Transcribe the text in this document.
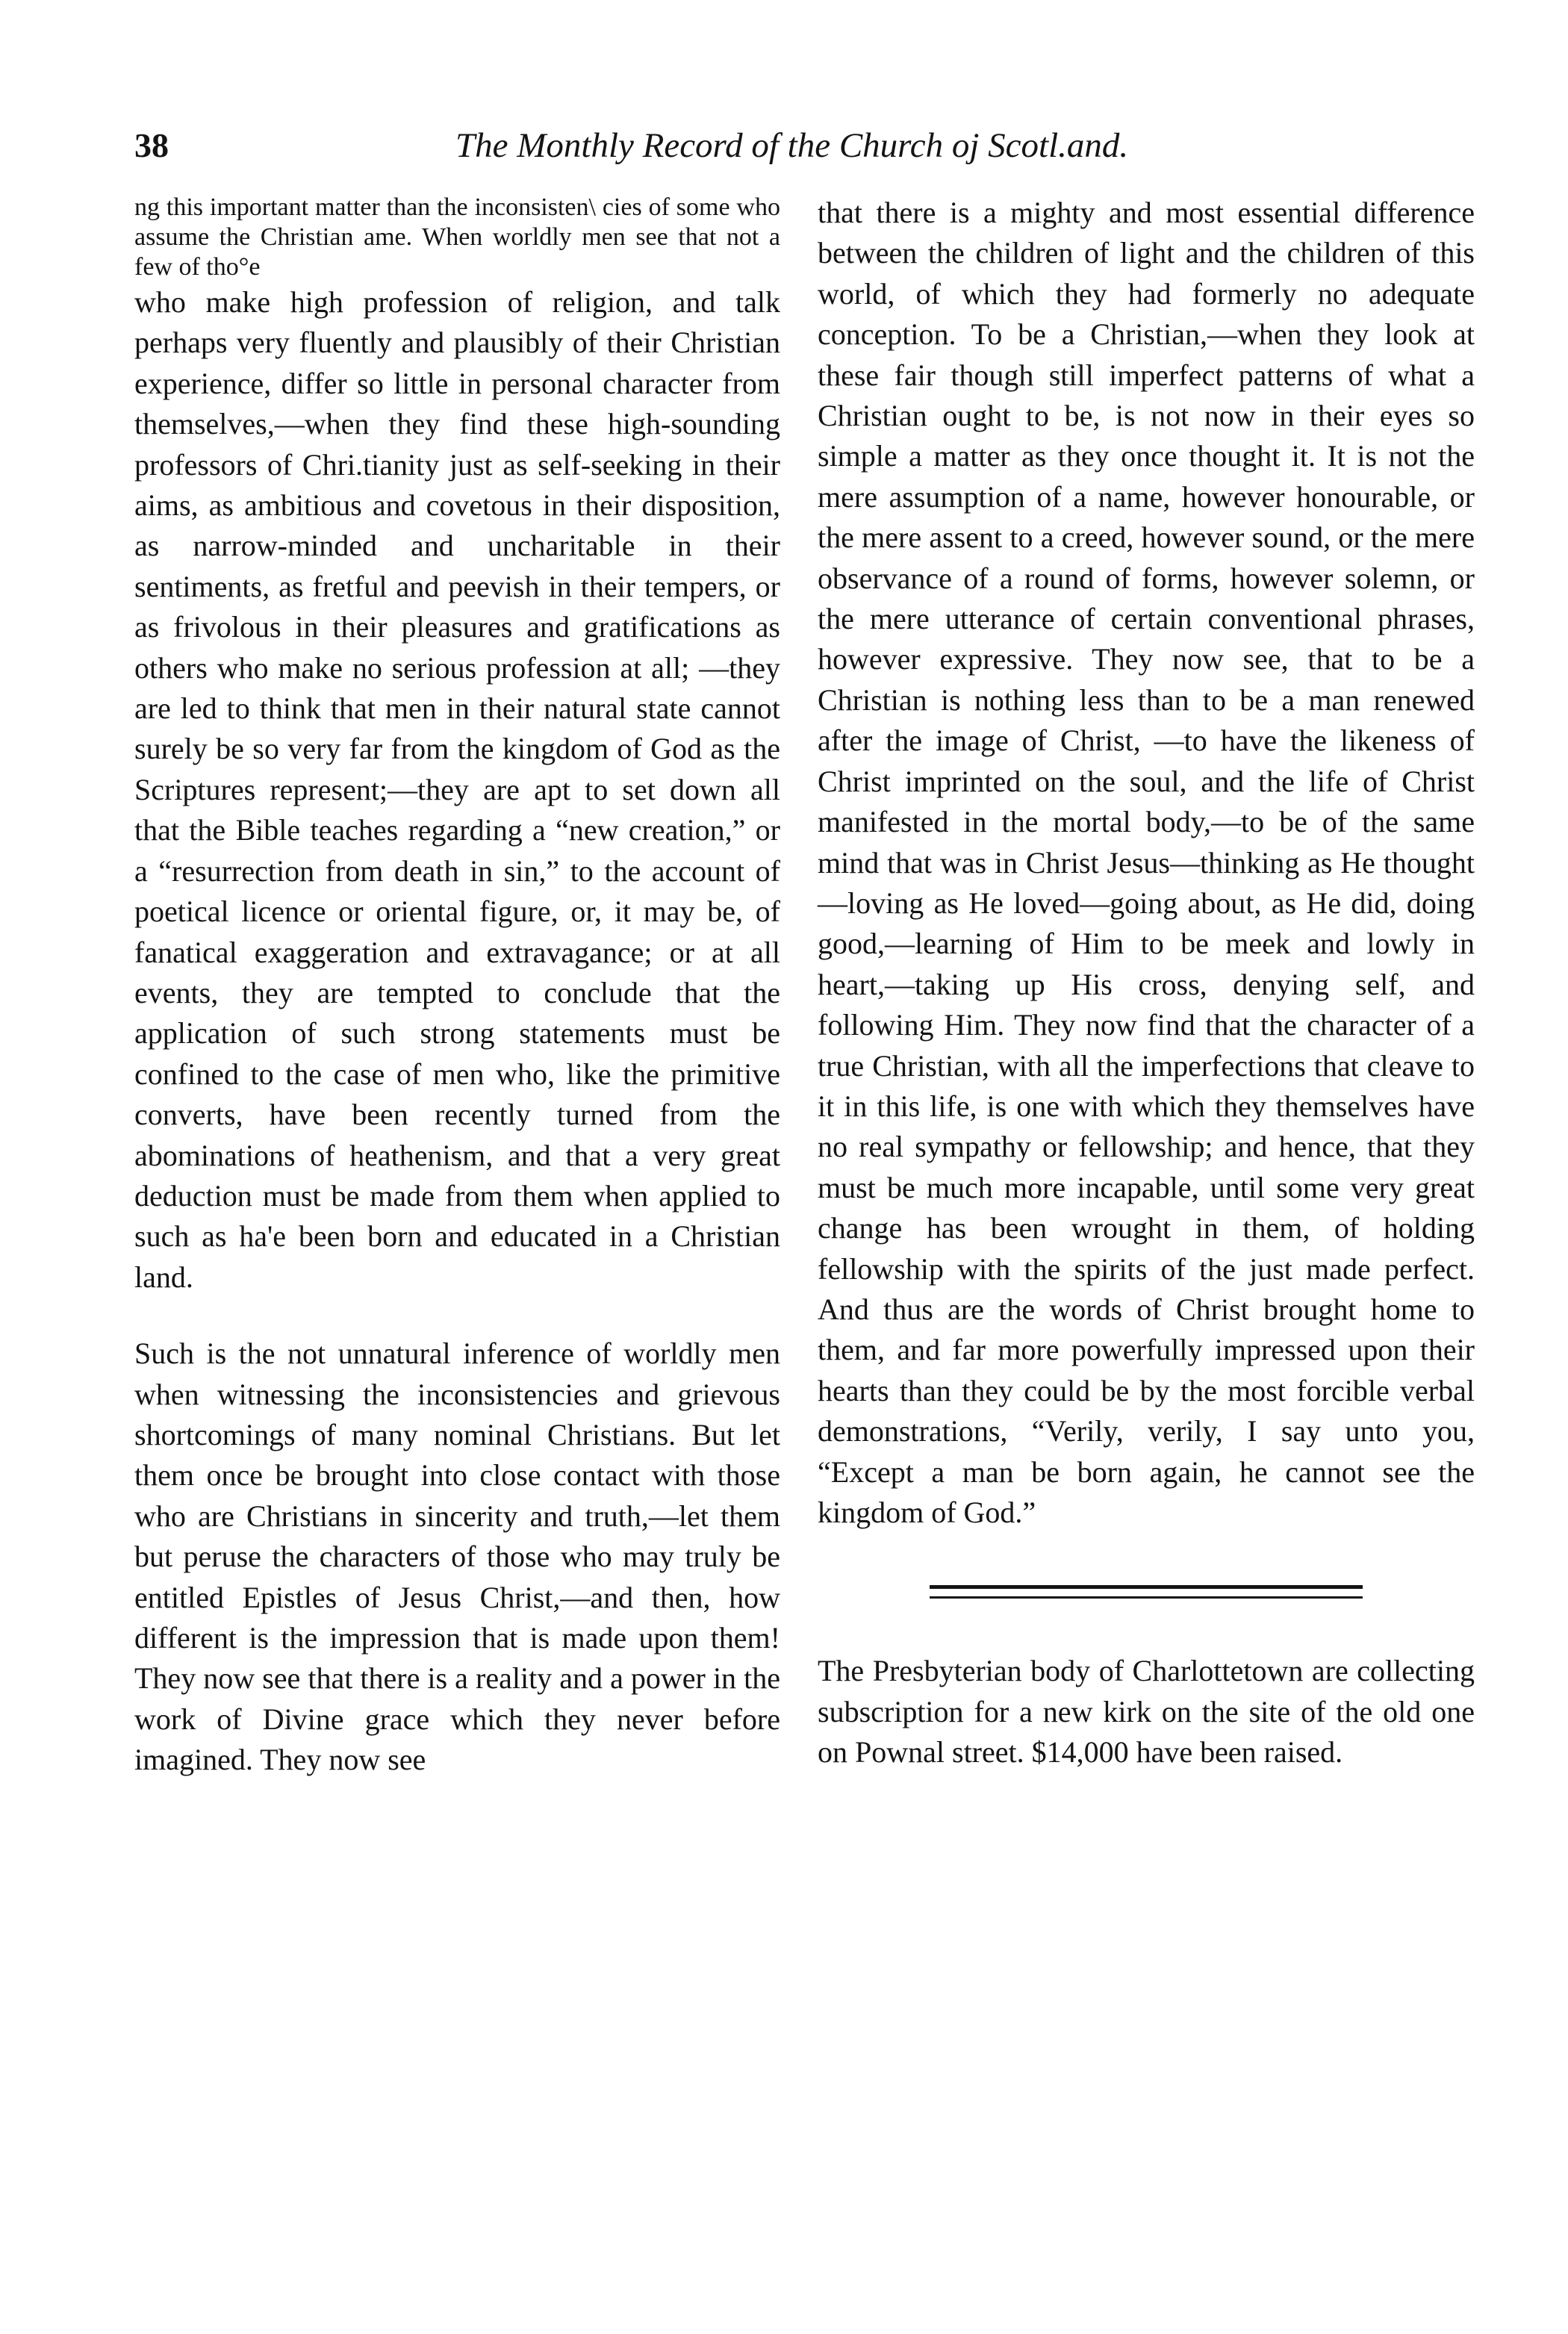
38	The Monthly Record of the Church oj Scotl.and.

ng this important matter than the inconsisten\ cies of some who assume the Christian ame. When worldly men see that not a few of tho°e

who make high profession of religion, and talk perhaps very fluently and plausibly of their Christian experience, differ so little in personal character from themselves,—when they find these high-sounding professors of Chri.tianity just as self-seeking in their aims, as ambitious and covetous in their disposition, as narrow-minded and uncharitable in their sentiments, as fretful and peevish in their tempers, or as frivolous in their pleasures and gratifications as others who make no serious profession at all; —they are led to think that men in their natural state cannot surely be so very far from the kingdom of God as the Scriptures represent;—they are apt to set down all that the Bible teaches regarding a “new creation,” or a “resurrection from death in sin,” to the account of poetical licence or oriental figure, or, it may be, of fanatical exaggeration and extravagance; or at all events, they are tempted to conclude that the application of such strong statements must be confined to the case of men who, like the primitive converts, have been recently turned from the abominations of heathenism, and that a very great deduction must be made from them when applied to such as ha'e been born and educated in a Christian land.

Such is the not unnatural inference of worldly men when witnessing the inconsistencies and grievous shortcomings of many nominal Christians. But let them once be brought into close contact with those who are Christians in sincerity and truth,—let them but peruse the characters of those who may truly be entitled Epistles of Jesus Christ,—and then, how different is the impression that is made upon them! They now see that there is a reality and a power in the work of Divine grace which they never before imagined. They now see

that there is a mighty and most essential difference between the children of light and the children of this world, of which they had formerly no adequate conception. To be a Christian,—when they look at these fair though still imperfect patterns of what a Christian ought to be, is not now in their eyes so simple a matter as they once thought it. It is not the mere assumption of a name, however honourable, or the mere assent to a creed, however sound, or the mere observance of a round of forms, however solemn, or the mere utterance of certain conventional phrases, however expressive. They now see, that to be a Christian is nothing less than to be a man renewed after the image of Christ, —to have the likeness of Christ imprinted on the soul, and the life of Christ manifested in the mortal body,—to be of the same mind that was in Christ Jesus—thinking as He thought—loving as He loved—going about, as He did, doing good,—learning of Him to be meek and lowly in heart,—taking up His cross, denying self, and following Him. They now find that the character of a true Christian, with all the imperfections that cleave to it in this life, is one with which they themselves have no real sympathy or fellowship; and hence, that they must be much more incapable, until some very great change has been wrought in them, of holding fellowship with the spirits of the just made perfect. And thus are the words of Christ brought home to them, and far more powerfully impressed upon their hearts than they could be by the most forcible verbal demonstrations, “Verily, verily, I say unto you, “Except a man be born again, he cannot see the kingdom of God.”

The Presbyterian body of Charlottetown are collecting subscription for a new kirk on the site of the old one on Pownal street. $14,000 have been raised.
